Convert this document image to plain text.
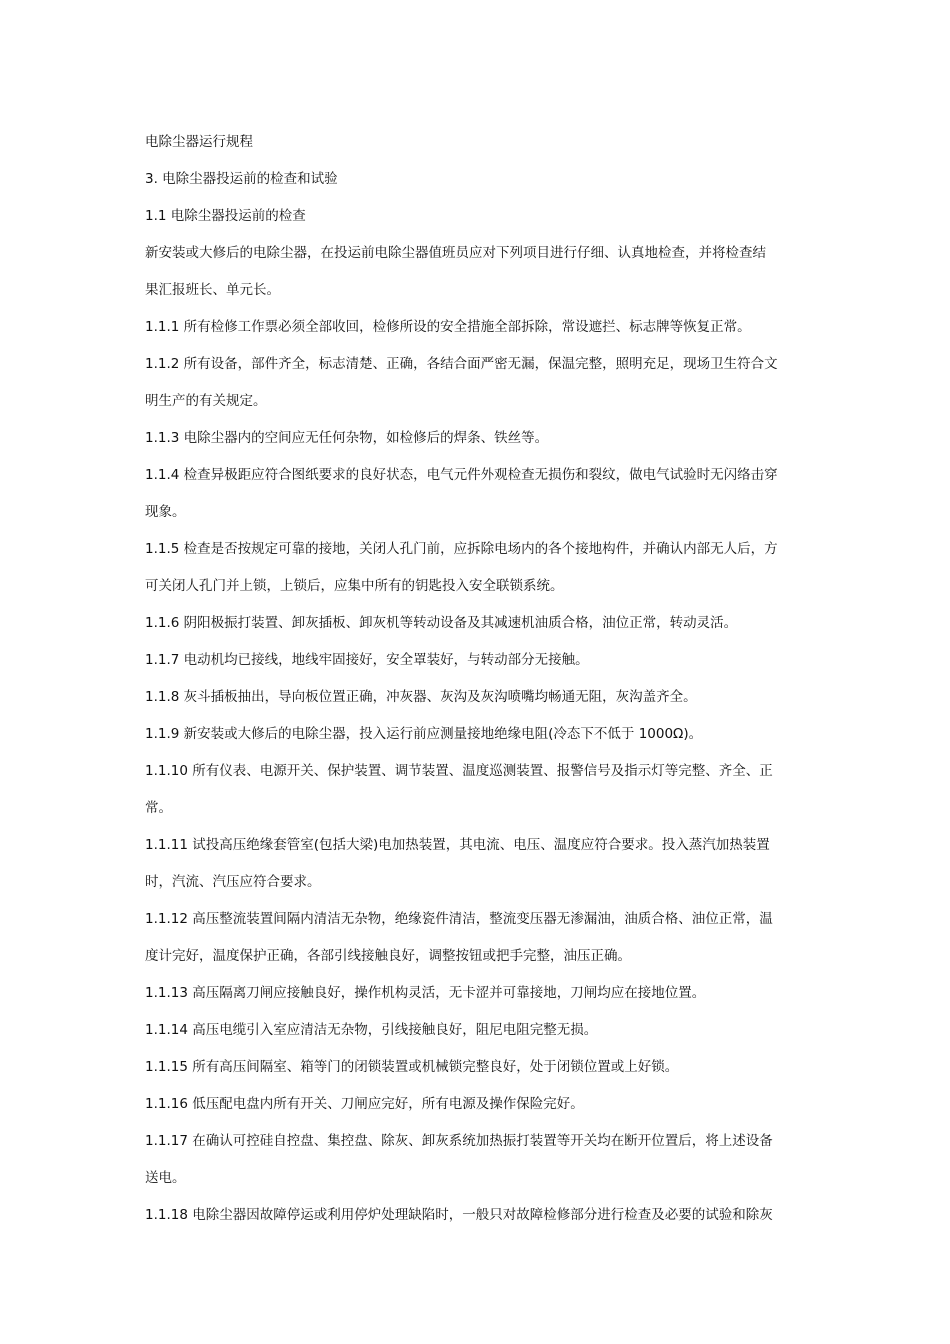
电除尘器运行规程
3. 电除尘器投运前的检查和试验
1.1 电除尘器投运前的检查
新安装或大修后的电除尘器，在投运前电除尘器值班员应对下列项目进行仔细、认真地检查，并将检查结
果汇报班长、单元长。
1.1.1 所有检修工作票必须全部收回，检修所设的安全措施全部拆除，常设遮拦、标志牌等恢复正常。
1.1.2 所有设备，部件齐全，标志清楚、正确，各结合面严密无漏，保温完整，照明充足，现场卫生符合文
明生产的有关规定。
1.1.3 电除尘器内的空间应无任何杂物，如检修后的焊条、铁丝等。
1.1.4 检查异极距应符合图纸要求的良好状态，电气元件外观检查无损伤和裂纹，做电气试验时无闪络击穿
现象。
1.1.5 检查是否按规定可靠的接地，关闭人孔门前，应拆除电场内的各个接地构件，并确认内部无人后，方
可关闭人孔门并上锁，上锁后，应集中所有的钥匙投入安全联锁系统。
1.1.6 阴阳极振打装置、卸灰插板、卸灰机等转动设备及其减速机油质合格，油位正常，转动灵活。
1.1.7 电动机均已接线，地线牢固接好，安全罩装好，与转动部分无接触。
1.1.8 灰斗插板抽出，导向板位置正确，冲灰器、灰沟及灰沟喷嘴均畅通无阻，灰沟盖齐全。
1.1.9 新安装或大修后的电除尘器，投入运行前应测量接地绝缘电阻(冷态下不低于 1000Ω)。
1.1.10 所有仪表、电源开关、保护装置、调节装置、温度巡测装置、报警信号及指示灯等完整、齐全、正
常。
1.1.11 试投高压绝缘套管室(包括大梁)电加热装置，其电流、电压、温度应符合要求。投入蒸汽加热装置
时，汽流、汽压应符合要求。
1.1.12 高压整流装置间隔内清洁无杂物，绝缘瓷件清洁，整流变压器无渗漏油，油质合格、油位正常，温
度计完好，温度保护正确，各部引线接触良好，调整按钮或把手完整，油压正确。
1.1.13 高压隔离刀闸应接触良好，操作机构灵活，无卡涩并可靠接地，刀闸均应在接地位置。
1.1.14 高压电缆引入室应清洁无杂物，引线接触良好，阻尼电阻完整无损。
1.1.15 所有高压间隔室、箱等门的闭锁装置或机械锁完整良好，处于闭锁位置或上好锁。
1.1.16 低压配电盘内所有开关、刀闸应完好，所有电源及操作保险完好。
1.1.17 在确认可控硅自控盘、集控盘、除灰、卸灰系统加热振打装置等开关均在断开位置后，将上述设备
送电。
1.1.18 电除尘器因故障停运或利用停炉处理缺陷时，一般只对故障检修部分进行检查及必要的试验和除灰
